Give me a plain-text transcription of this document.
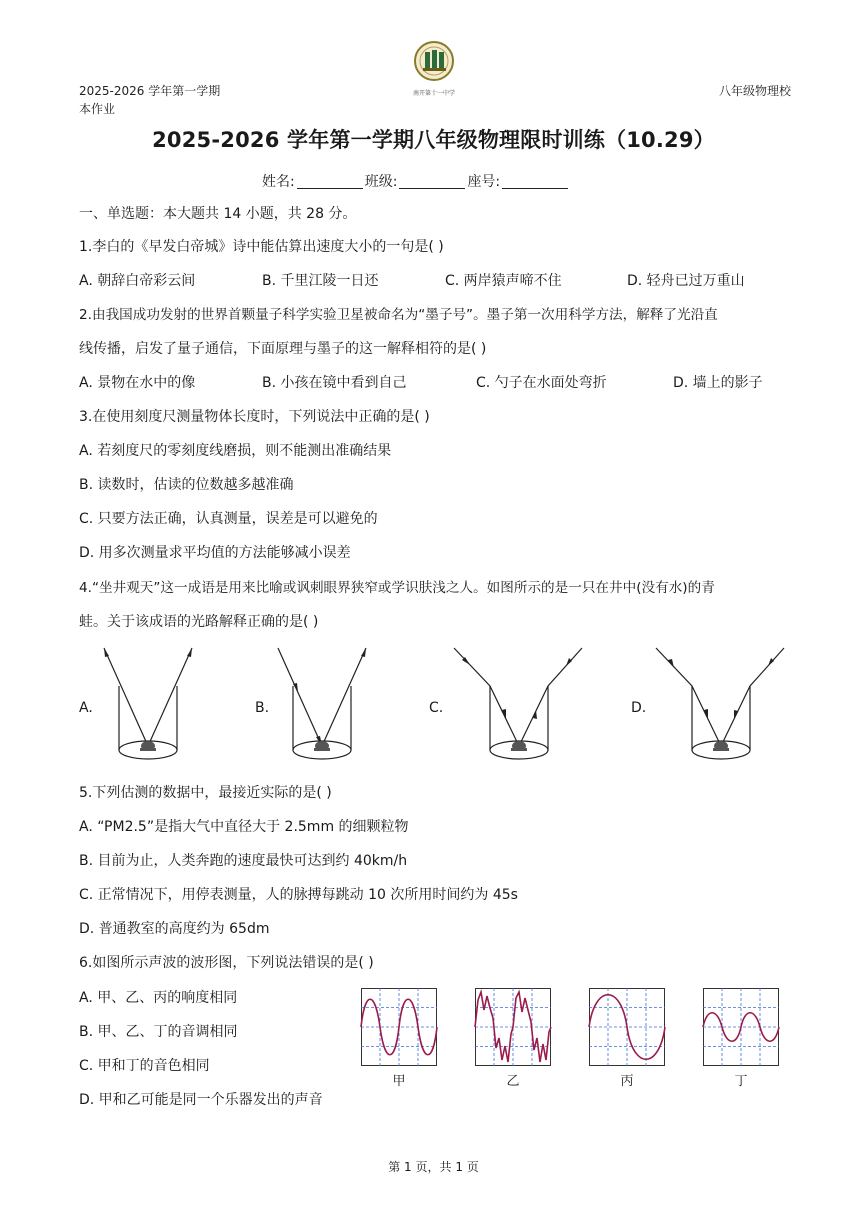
2025-2026 学年第一学期
本作业
八年级物理校
南开第十一中学
2025-2026 学年第一学期八年级物理限时训练（10.29）
姓名:	班级:	座号:
一、单选题：本大题共 14 小题，共 28 分。
1.李白的《早发白帝城》诗中能估算出速度大小的一句是( )
A. 朝辞白帝彩云间	B. 千里江陵一日还	C. 两岸猿声啼不住	D. 轻舟已过万重山
2.由我国成功发射的世界首颗量子科学实验卫星被命名为“墨子号”。墨子第一次用科学方法，解释了光沿直
线传播，启发了量子通信，下面原理与墨子的这一解释相符的是( )
A. 景物在水中的像	B. 小孩在镜中看到自己	C. 勺子在水面处弯折	D. 墙上的影子
3.在使用刻度尺测量物体长度时，下列说法中正确的是( )
A. 若刻度尺的零刻度线磨损，则不能测出准确结果
B. 读数时，估读的位数越多越准确
C. 只要方法正确，认真测量，误差是可以避免的
D. 用多次测量求平均值的方法能够减小误差
4.“坐井观天”这一成语是用来比喻或讽刺眼界狭窄或学识肤浅之人。如图所示的是一只在井中(没有水)的青
蛙。关于该成语的光路解释正确的是( )
A.	B.	C.	D.
5.下列估测的数据中，最接近实际的是( )
A. “PM2.5”是指大气中直径大于 2.5mm 的细颗粒物
B. 目前为止，人类奔跑的速度最快可达到约 40km/h
C. 正常情况下，用停表测量，人的脉搏每跳动 10 次所用时间约为 45s
D. 普通教室的高度约为 65dm
6.如图所示声波的波形图，下列说法错误的是( )
A. 甲、乙、丙的响度相同
B. 甲、乙、丁的音调相同
C. 甲和丁的音色相同
D. 甲和乙可能是同一个乐器发出的声音
甲	乙	丙	丁
第 1 页，共 1 页
